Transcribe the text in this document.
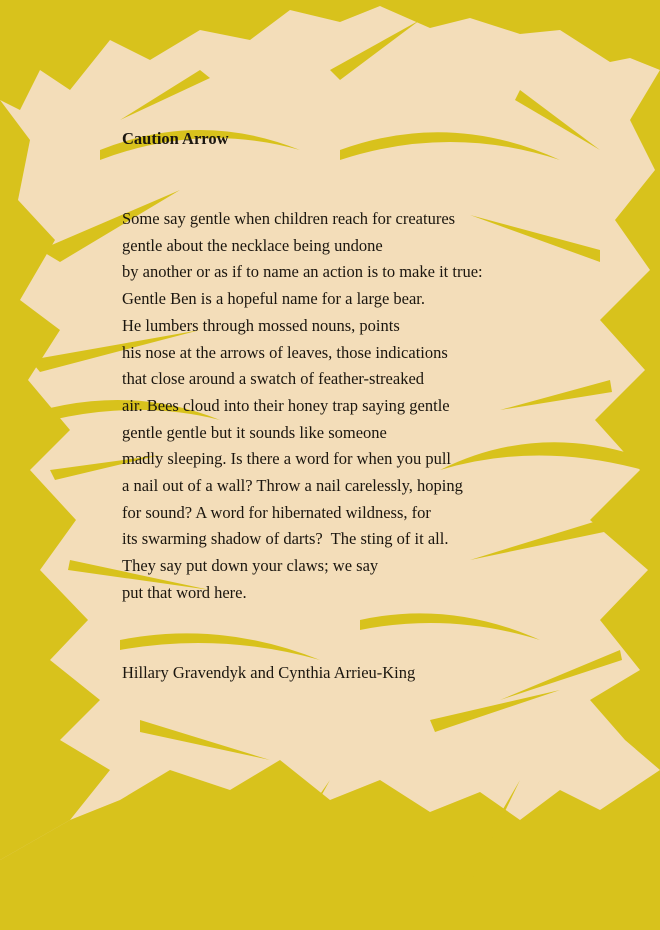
Caution Arrow
Some say gentle when children reach for creatures
gentle about the necklace being undone
by another or as if to name an action is to make it true:
Gentle Ben is a hopeful name for a large bear.
He lumbers through mossed nouns, points
his nose at the arrows of leaves, those indications
that close around a swatch of feather-streaked
air. Bees cloud into their honey trap saying gentle
gentle gentle but it sounds like someone
madly sleeping. Is there a word for when you pull
a nail out of a wall? Throw a nail carelessly, hoping
for sound? A word for hibernated wildness, for
its swarming shadow of darts?  The sting of it all.
They say put down your claws; we say
put that word here.
Hillary Gravendyk and Cynthia Arrieu-King
